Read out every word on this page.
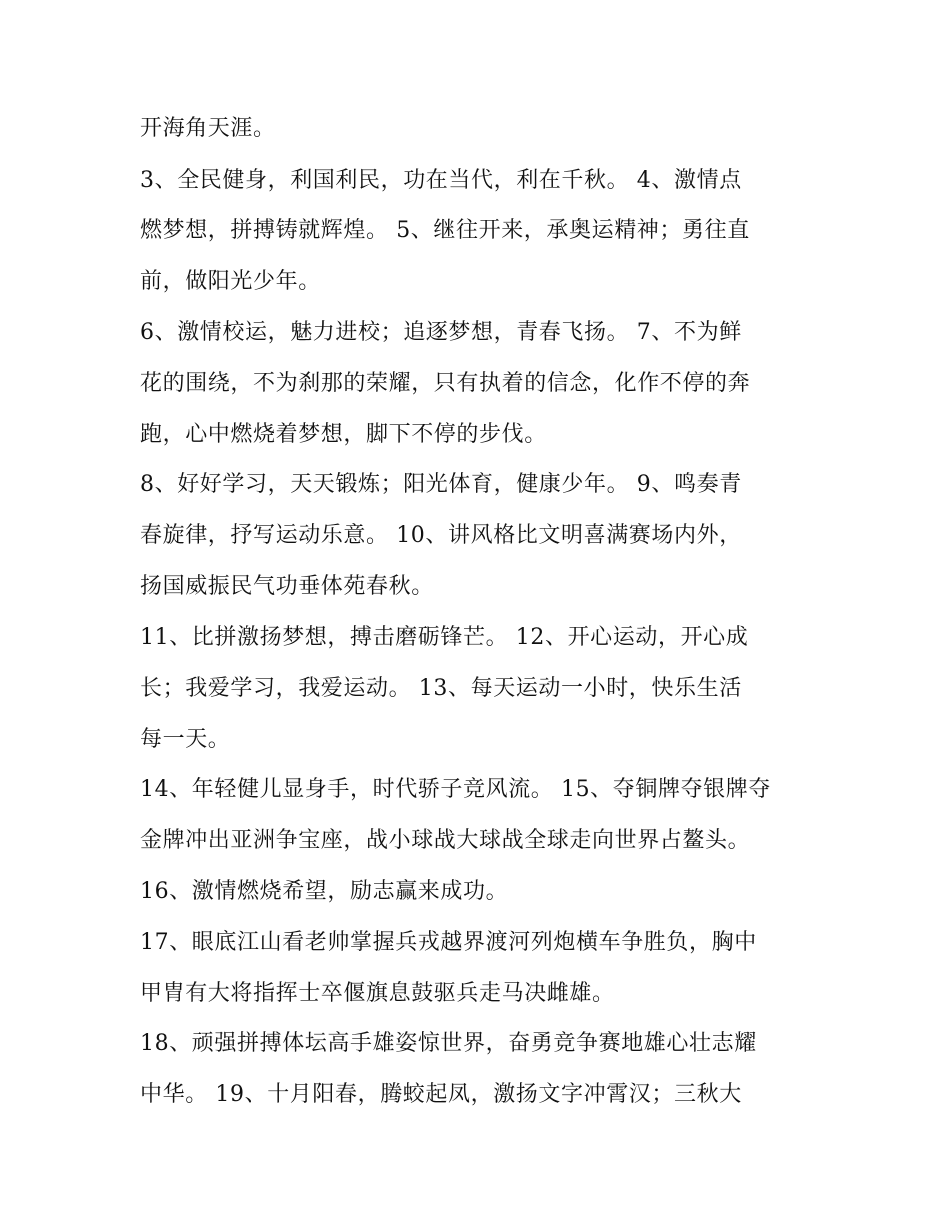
开海角天涯。
3、全民健身，利国利民，功在当代，利在千秋。 4、激情点
燃梦想，拼搏铸就辉煌。 5、继往开来，承奥运精神；勇往直
前，做阳光少年。
6、激情校运，魅力进校；追逐梦想，青春飞扬。 7、不为鲜
花的围绕，不为刹那的荣耀，只有执着的信念，化作不停的奔
跑，心中燃烧着梦想，脚下不停的步伐。
8、好好学习，天天锻炼；阳光体育，健康少年。 9、鸣奏青
春旋律，抒写运动乐意。 10、讲风格比文明喜满赛场内外，
扬国威振民气功垂体苑春秋。
11、比拼激扬梦想，搏击磨砺锋芒。 12、开心运动，开心成
长；我爱学习，我爱运动。 13、每天运动一小时，快乐生活
每一天。
14、年轻健儿显身手，时代骄子竞风流。 15、夺铜牌夺银牌夺
金牌冲出亚洲争宝座，战小球战大球战全球走向世界占鳌头。
16、激情燃烧希望，励志赢来成功。
17、眼底江山看老帅掌握兵戎越界渡河列炮横车争胜负，胸中
甲胄有大将指挥士卒偃旗息鼓驱兵走马决雌雄。
18、顽强拼搏体坛高手雄姿惊世界，奋勇竞争赛地雄心壮志耀
中华。 19、十月阳春，腾蛟起凤，激扬文字冲霄汉；三秋大
